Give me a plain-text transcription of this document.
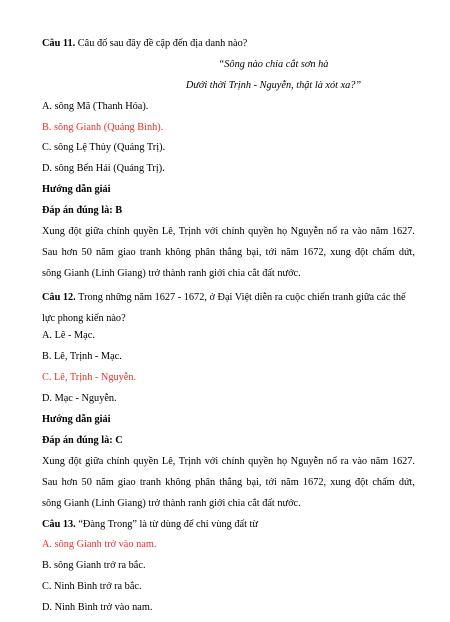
Câu 11. Câu đố sau đây đề cập đến địa danh nào?
“Sông nào chia cắt sơn hà
Dưới thời Trịnh - Nguyễn, thật là xót xa?”
A. sông Mã (Thanh Hóa).
B. sông Gianh (Quảng Bình).
C. sông Lệ Thủy (Quảng Trị).
D. sông Bến Hải (Quảng Trị).
Hướng dẫn giải
Đáp án đúng là: B
Xung đột giữa chính quyền Lê, Trịnh với chính quyền họ Nguyễn nổ ra vào năm 1627.
Sau hơn 50 năm giao tranh không phân thắng bại, tới năm 1672, xung đột chấm dứt,
sông Gianh (Linh Giang) trở thành ranh giới chia cắt đất nước.
Câu 12. Trong những năm 1627 - 1672, ở Đại Việt diễn ra cuộc chiến tranh giữa các thế lực phong kiến nào?
A. Lê - Mạc.
B. Lê, Trịnh - Mạc.
C. Lê, Trịnh - Nguyễn.
D. Mạc - Nguyễn.
Hướng dẫn giải
Đáp án đúng là: C
Xung đột giữa chính quyền Lê, Trịnh với chính quyền họ Nguyễn nổ ra vào năm 1627.
Sau hơn 50 năm giao tranh không phân thắng bại, tới năm 1672, xung đột chấm dứt,
sông Gianh (Linh Giang) trở thành ranh giới chia cắt đất nước.
Câu 13. “Đàng Trong” là từ dùng để chỉ vùng đất từ
A. sông Gianh trở vào nam.
B. sông Gianh trở ra bắc.
C. Ninh Bình trở ra bắc.
D. Ninh Bình trở vào nam.
